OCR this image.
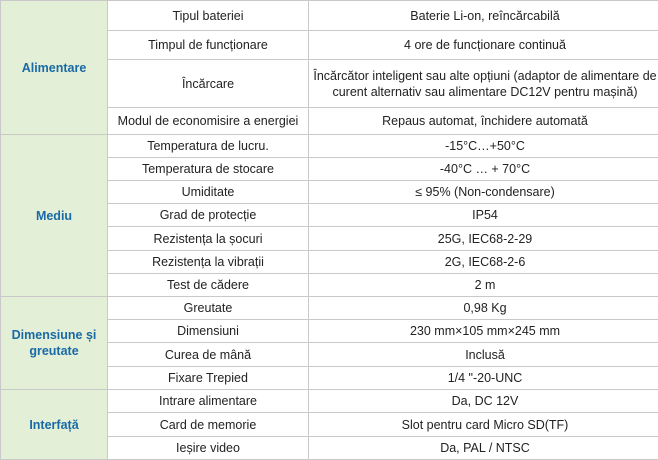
Alimentare	Tipul bateriei	Baterie Li-on, reîncărcabilă
	Timpul de funcționare	4 ore de funcționare continuă
	Încărcare	Încărcător inteligent sau alte opțiuni (adaptor de alimentare de curent alternativ sau alimentare DC12V pentru mașină)
	Modul de economisire a energiei	Repaus automat, închidere automată
Mediu	Temperatura de lucru.	-15°C…+50°C
	Temperatura de stocare	-40°C … + 70°C
	Umiditate	≤ 95% (Non-condensare)
	Grad de protecție	IP54
	Rezistența la șocuri	25G, IEC68-2-29
	Rezistența la vibrații	2G, IEC68-2-6
	Test de cădere	2 m
Dimensiune și greutate	Greutate	0,98 Kg
	Dimensiuni	230 mm×105 mm×245 mm
	Curea de mână	Inclusă
	Fixare Trepied	1/4 "-20-UNC
Interfață	Intrare alimentare	Da, DC 12V
	Card de memorie	Slot pentru card Micro SD(TF)
	Ieșire video	Da, PAL / NTSC
